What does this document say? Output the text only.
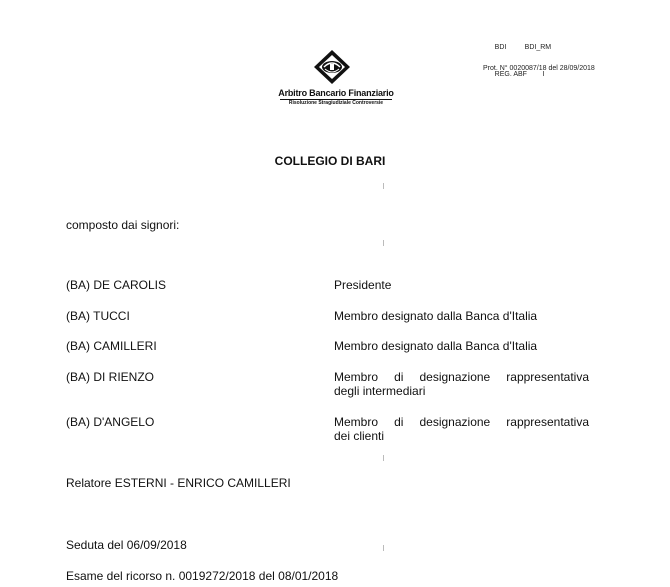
BDI	BDI_RM

REG. ABF I

Prot. N° 0020087/18 del 28/09/2018
Arbitro Bancario Finanziario
Risoluzione Stragiudiziale Controversie
COLLEGIO DI BARI
composto dai signori:
(BA) DE CAROLIS	Presidente
(BA) TUCCI	Membro designato dalla Banca d'Italia
(BA) CAMILLERI	Membro designato dalla Banca d'Italia
(BA) DI RIENZO	Membro di designazione rappresentativa
degli intermediari
(BA) D'ANGELO	Membro di designazione rappresentativa
dei clienti
Relatore ESTERNI - ENRICO CAMILLERI
Seduta del 06/09/2018
Esame del ricorso n. 0019272/2018 del 08/01/2018
